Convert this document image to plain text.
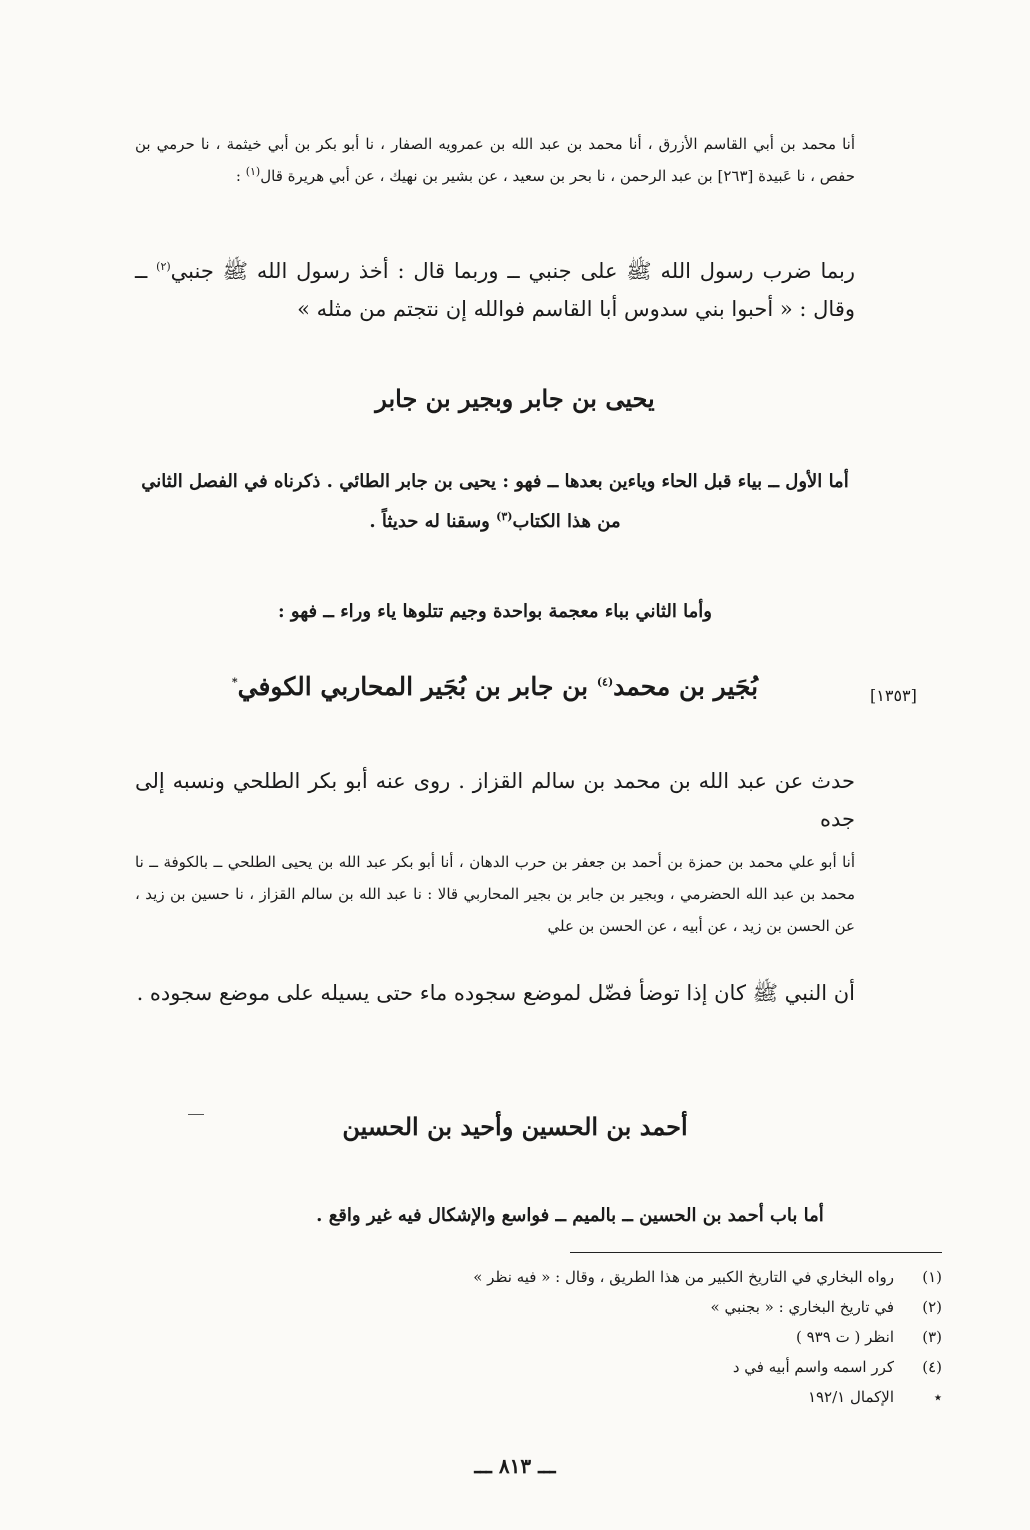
أنا محمد بن أبي القاسم الأزرق ، أنا محمد بن عبد الله بن عمرويه الصفار ، نا أبو بكر بن أبي خيثمة ، نا حرمي بن حفص ، نا عَبيدة [٢٦٣] بن عبد الرحمن ، نا بحر بن سعيد ، عن بشير بن نهيك ، عن أبي هريرة قال$^{(١)}$ :
ربما ضرب رسول الله ﷺ على جنبي ــ وربما قال : أخذ رسول الله ﷺ جنبي$^{(٢)}$ ــ وقال : « أحبوا بني سدوس أبا القاسم فوالله إن نتجتم من مثله »
يحيى بن جابر وبجير بن جابر
أما الأول ــ بياء قبل الحاء وياءين بعدها ــ فهو : يحيى بن جابر الطائي . ذكرناه في الفصل الثاني من هذا الكتاب$^{(٣)}$ وسقنا له حديثاً .
وأما الثاني بباء معجمة بواحدة وجيم تتلوها ياء وراء ــ فهو :
[١٣٥٣]
بُجَير بن محمد$^{(٤)}$ بن جابر بن بُجَير المحاربي الكوفي*
حدث عن عبد الله بن محمد بن سالم القزاز . روى عنه أبو بكر الطلحي ونسبه إلى جده
أنا أبو علي محمد بن حمزة بن أحمد بن جعفر بن حرب الدهان ، أنا أبو بكر عبد الله بن يحيى الطلحي ــ بالكوفة ــ نا محمد بن عبد الله الحضرمي ، وبجير بن جابر بن بجير المحاربي قالا : نا عبد الله بن سالم القزاز ، نا حسين بن زيد ، عن الحسن بن زيد ، عن أبيه ، عن الحسن بن علي
أن النبي ﷺ كان إذا توضأ فضّل لموضع سجوده ماء حتى يسيله على موضع سجوده .
أحمد بن الحسين وأحيد بن الحسين
أما باب أحمد بن الحسين ــ بالميم ــ فواسع والإشكال فيه غير واقع .
(١)
رواه البخاري في التاريخ الكبير من هذا الطريق ، وقال : « فيه نظر »
(٢)
في تاريخ البخاري : « بجنبي »
(٣)
انظر ( ت ٩٣٩ )
(٤)
كرر اسمه واسم أبيه في د
٭
الإكمال ١٩٢/١
ـــ ٨١٣ ـــ
